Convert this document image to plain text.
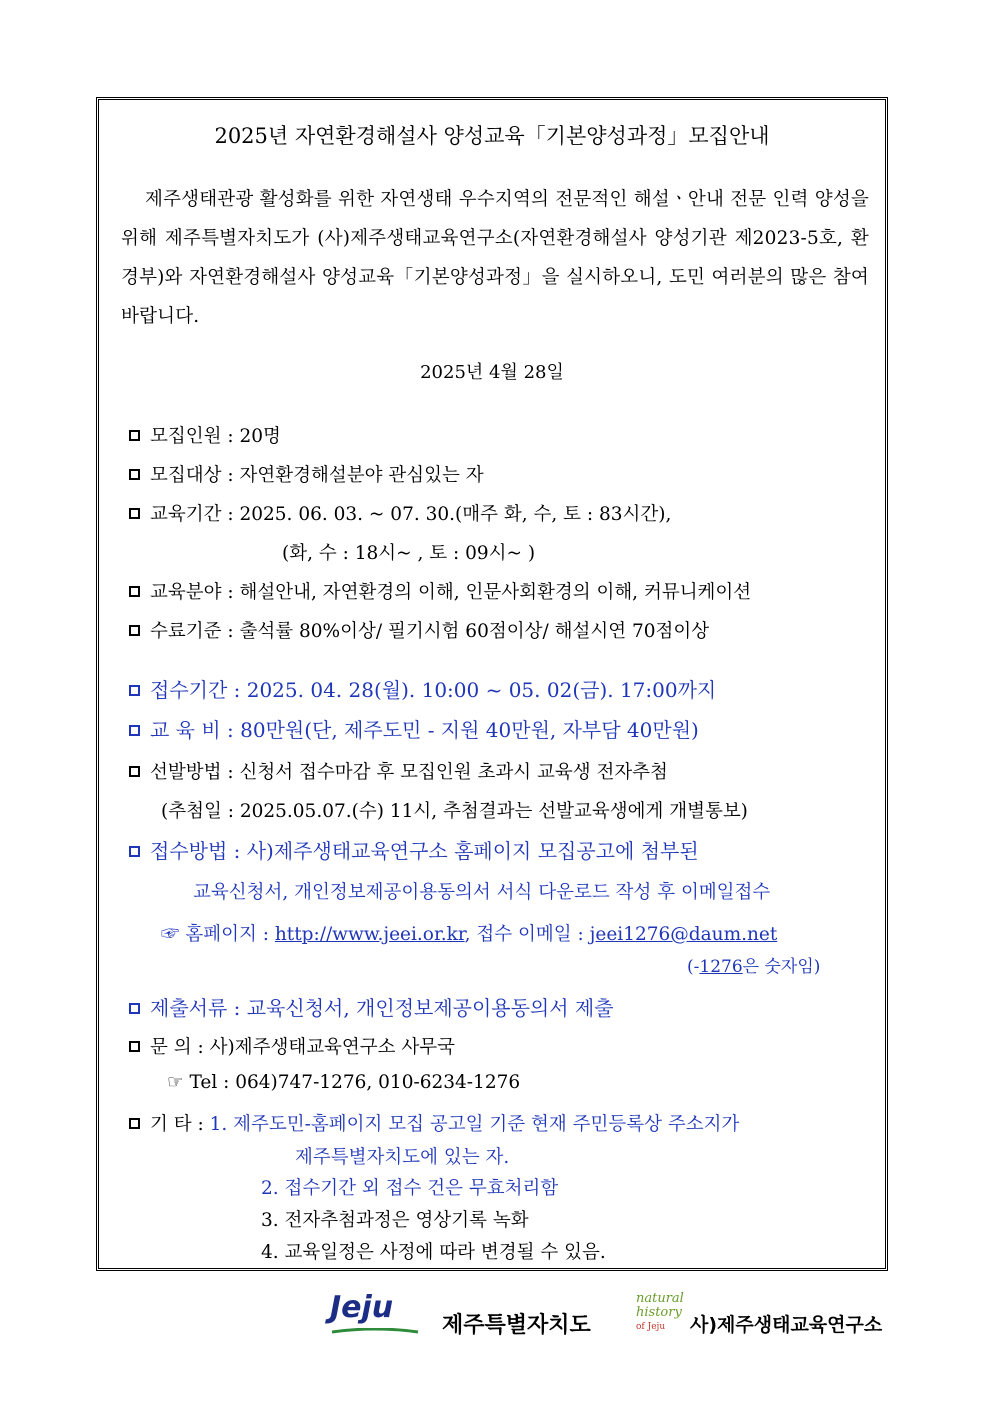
2025년 자연환경해설사 양성교육「기본양성과정」모집안내
제주생태관광 활성화를 위한 자연생태 우수지역의 전문적인 해설ㆍ안내 전문 인력 양성을 위해 제주특별자치도가 (사)제주생태교육연구소(자연환경해설사 양성기관 제2023-5호, 환경부)와 자연환경해설사 양성교육「기본양성과정」을 실시하오니, 도민 여러분의 많은 참여 바랍니다.
2025년 4월 28일
모집인원 : 20명
모집대상 : 자연환경해설분야 관심있는 자
교육기간 : 2025. 06. 03. ~ 07. 30.(매주 화, 수, 토 : 83시간),
(화, 수 : 18시~ , 토 : 09시~ )
교육분야 : 해설안내, 자연환경의 이해, 인문사회환경의 이해, 커뮤니케이션
수료기준 : 출석률 80%이상/ 필기시험 60점이상/ 해설시연 70점이상
접수기간 : 2025. 04. 28(월). 10:00 ~ 05. 02(금). 17:00까지
교 육 비 : 80만원(단, 제주도민 - 지원 40만원, 자부담 40만원)
선발방법 : 신청서 접수마감 후 모집인원 초과시 교육생 전자추첨
(추첨일 : 2025.05.07.(수) 11시, 추첨결과는 선발교육생에게 개별통보)
접수방법 : 사)제주생태교육연구소 홈페이지 모집공고에 첨부된
교육신청서, 개인정보제공이용동의서 서식 다운로드 작성 후 이메일접수
☞ 홈페이지 : http://www.jeei.or.kr, 접수 이메일 : jeei1276@daum.net
(-1276은 숫자임)
제출서류 : 교육신청서, 개인정보제공이용동의서 제출
문 의 : 사)제주생태교육연구소 사무국
☞ Tel : 064)747-1276, 010-6234-1276
기 타 : 1. 제주도민-홈페이지 모집 공고일 기준 현재 주민등록상 주소지가
제주특별자치도에 있는 자.
2. 접수기간 외 접수 건은 무효처리함
3. 전자추첨과정은 영상기록 녹화
4. 교육일정은 사정에 따라 변경될 수 있음.
Jeju
제주특별자치도
natural
history
of Jeju	사)제주생태교육연구소
